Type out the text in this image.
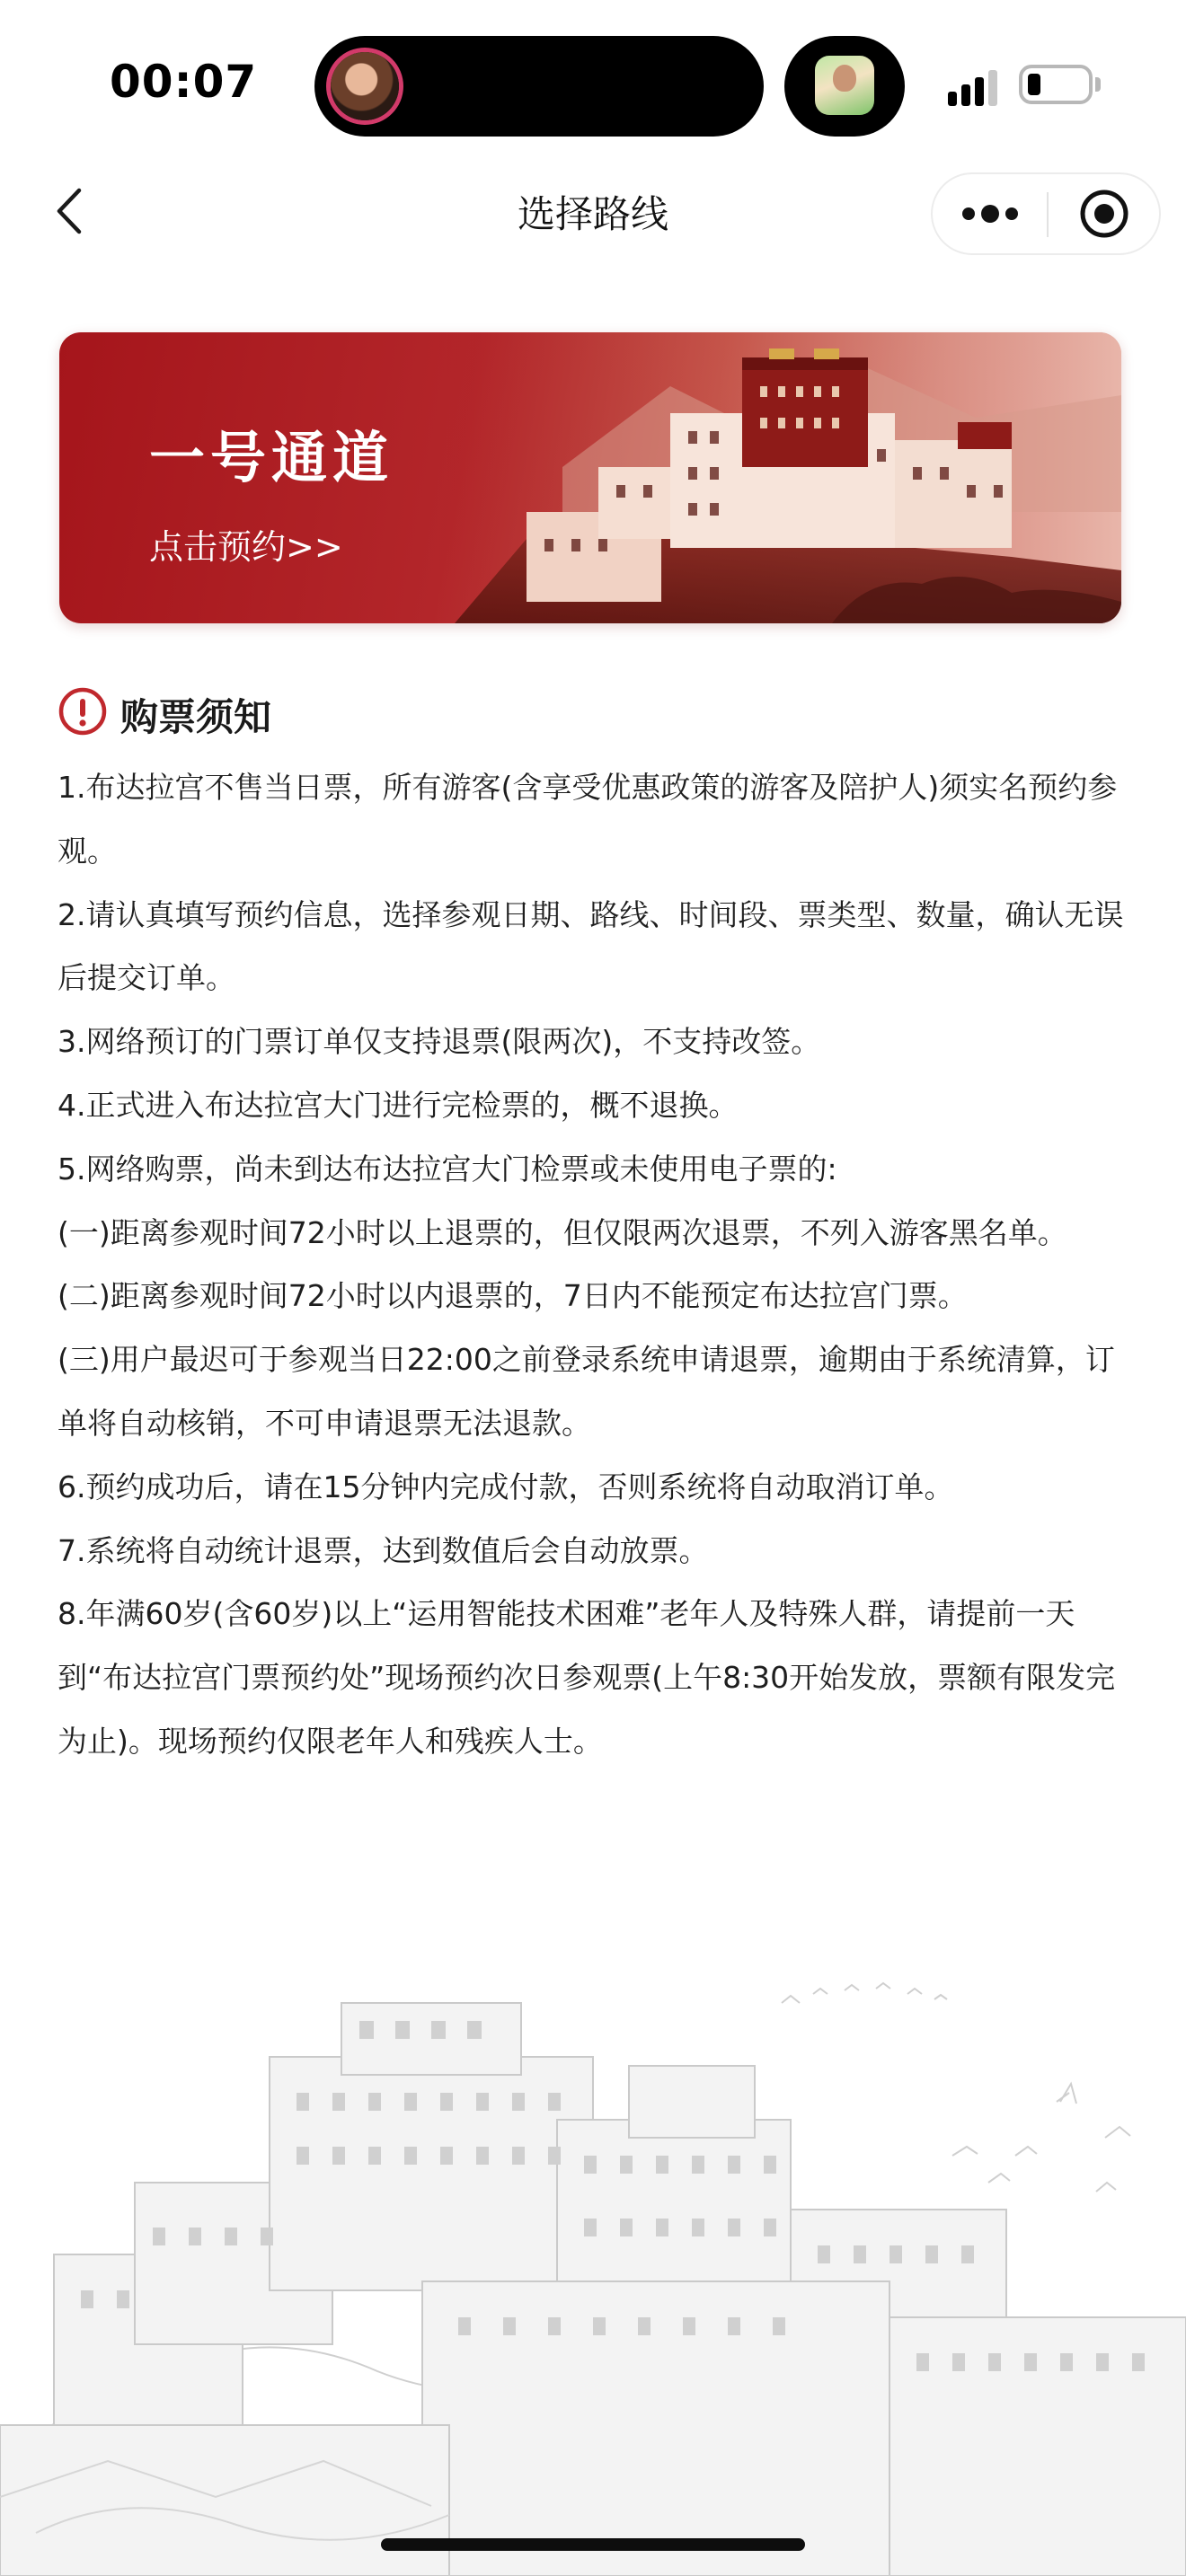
00:07
选择路线
一号通道
点击预约>>
购票须知

1.布达拉宫不售当日票，所有游客(含享受优惠政策的游客及陪护人)须实名预约参观。

2.请认真填写预约信息，选择参观日期、路线、时间段、票类型、数量，确认无误后提交订单。

3.网络预订的门票订单仅支持退票(限两次)，不支持改签。

4.正式进入布达拉宫大门进行完检票的，概不退换。

5.网络购票，尚未到达布达拉宫大门检票或未使用电子票的:

(一)距离参观时间72小时以上退票的，但仅限两次退票，不列入游客黑名单。

(二)距离参观时间72小时以内退票的，7日内不能预定布达拉宫门票。

(三)用户最迟可于参观当日22:00之前登录系统申请退票，逾期由于系统清算，订单将自动核销，不可申请退票无法退款。

6.预约成功后，请在15分钟内完成付款，否则系统将自动取消订单。

7.系统将自动统计退票，达到数值后会自动放票。

8.年满60岁(含60岁)以上“运用智能技术困难”老年人及特殊人群，请提前一天到“布达拉宫门票预约处”现场预约次日参观票(上午8:30开始发放，票额有限发完为止)。现场预约仅限老年人和残疾人士。
